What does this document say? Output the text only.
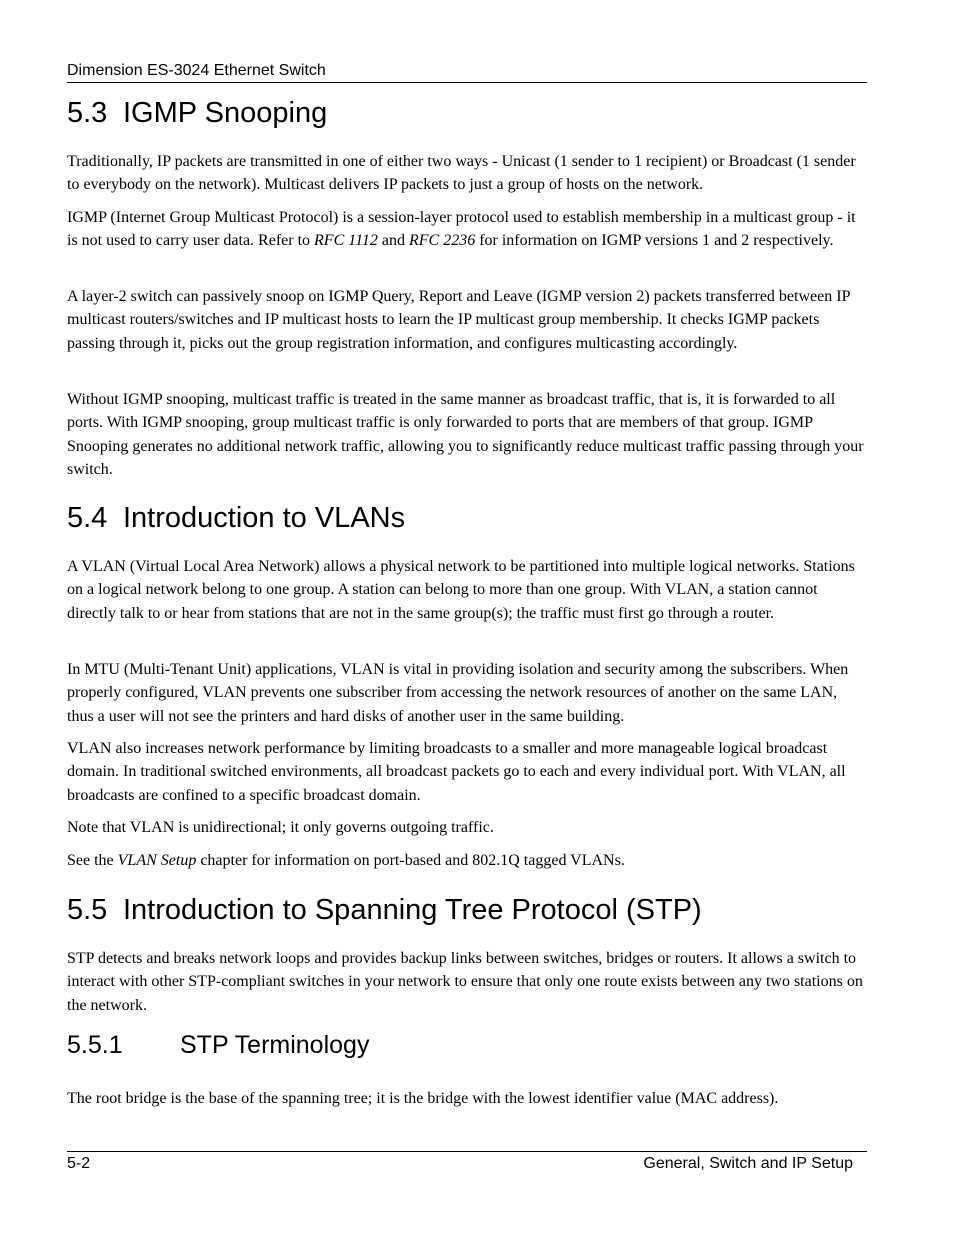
Dimension ES-3024 Ethernet Switch
5.3 IGMP Snooping
Traditionally, IP packets are transmitted in one of either two ways - Unicast (1 sender to 1 recipient) or Broadcast (1 sender to everybody on the network). Multicast delivers IP packets to just a group of hosts on the network.
IGMP (Internet Group Multicast Protocol) is a session-layer protocol used to establish membership in a multicast group - it is not used to carry user data. Refer to RFC 1112 and RFC 2236 for information on IGMP versions 1 and 2 respectively.
A layer-2 switch can passively snoop on IGMP Query, Report and Leave (IGMP version 2) packets transferred between IP multicast routers/switches and IP multicast hosts to learn the IP multicast group membership. It checks IGMP packets passing through it, picks out the group registration information, and configures multicasting accordingly.
Without IGMP snooping, multicast traffic is treated in the same manner as broadcast traffic, that is, it is forwarded to all ports. With IGMP snooping, group multicast traffic is only forwarded to ports that are members of that group. IGMP Snooping generates no additional network traffic, allowing you to significantly reduce multicast traffic passing through your switch.
5.4 Introduction to VLANs
A VLAN (Virtual Local Area Network) allows a physical network to be partitioned into multiple logical networks. Stations on a logical network belong to one group. A station can belong to more than one group. With VLAN, a station cannot directly talk to or hear from stations that are not in the same group(s); the traffic must first go through a router.
In MTU (Multi-Tenant Unit) applications, VLAN is vital in providing isolation and security among the subscribers. When properly configured, VLAN prevents one subscriber from accessing the network resources of another on the same LAN, thus a user will not see the printers and hard disks of another user in the same building.
VLAN also increases network performance by limiting broadcasts to a smaller and more manageable logical broadcast domain. In traditional switched environments, all broadcast packets go to each and every individual port. With VLAN, all broadcasts are confined to a specific broadcast domain.
Note that VLAN is unidirectional; it only governs outgoing traffic.
See the VLAN Setup chapter for information on port-based and 802.1Q tagged VLANs.
5.5 Introduction to Spanning Tree Protocol (STP)
STP detects and breaks network loops and provides backup links between switches, bridges or routers. It allows a switch to interact with other STP-compliant switches in your network to ensure that only one route exists between any two stations on the network.
5.5.1 STP Terminology
The root bridge is the base of the spanning tree; it is the bridge with the lowest identifier value (MAC address).
5-2	General, Switch and IP Setup
